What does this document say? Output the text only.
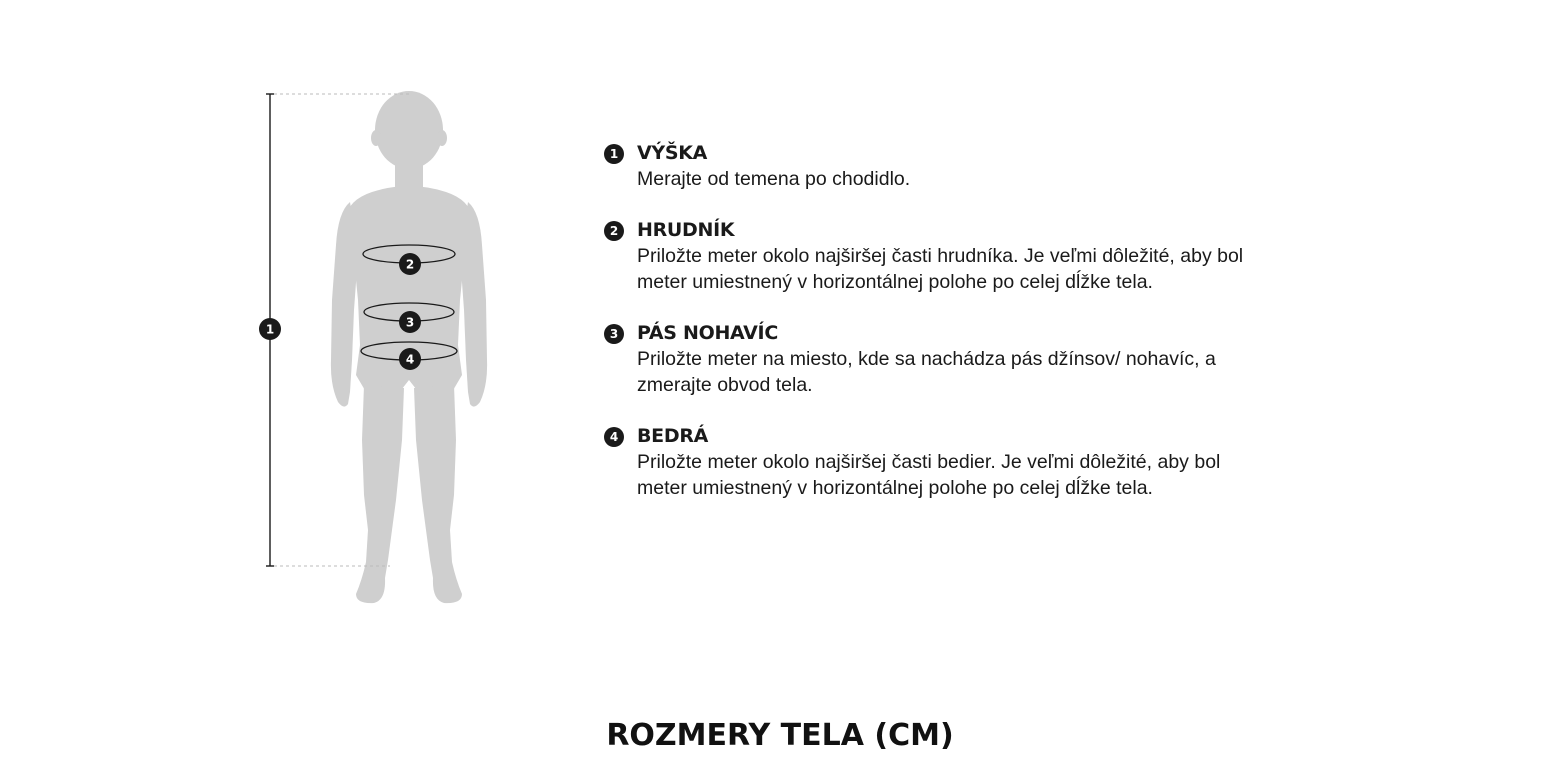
1
2
3
4
1 VÝŠKA
Merajte od temena po chodidlo.
2 HRUDNÍK
Priložte meter okolo najširšej časti hrudníka. Je veľmi dôležité, aby bol meter umiestnený v horizontálnej polohe po celej dĺžke tela.
3 PÁS NOHAVÍC
Priložte meter na miesto, kde sa nachádza pás džínsov/ nohavíc, a zmerajte obvod tela.
4 BEDRÁ
Priložte meter okolo najširšej časti bedier. Je veľmi dôležité, aby bol meter umiestnený v horizontálnej polohe po celej dĺžke tela.
ROZMERY TELA (CM)
